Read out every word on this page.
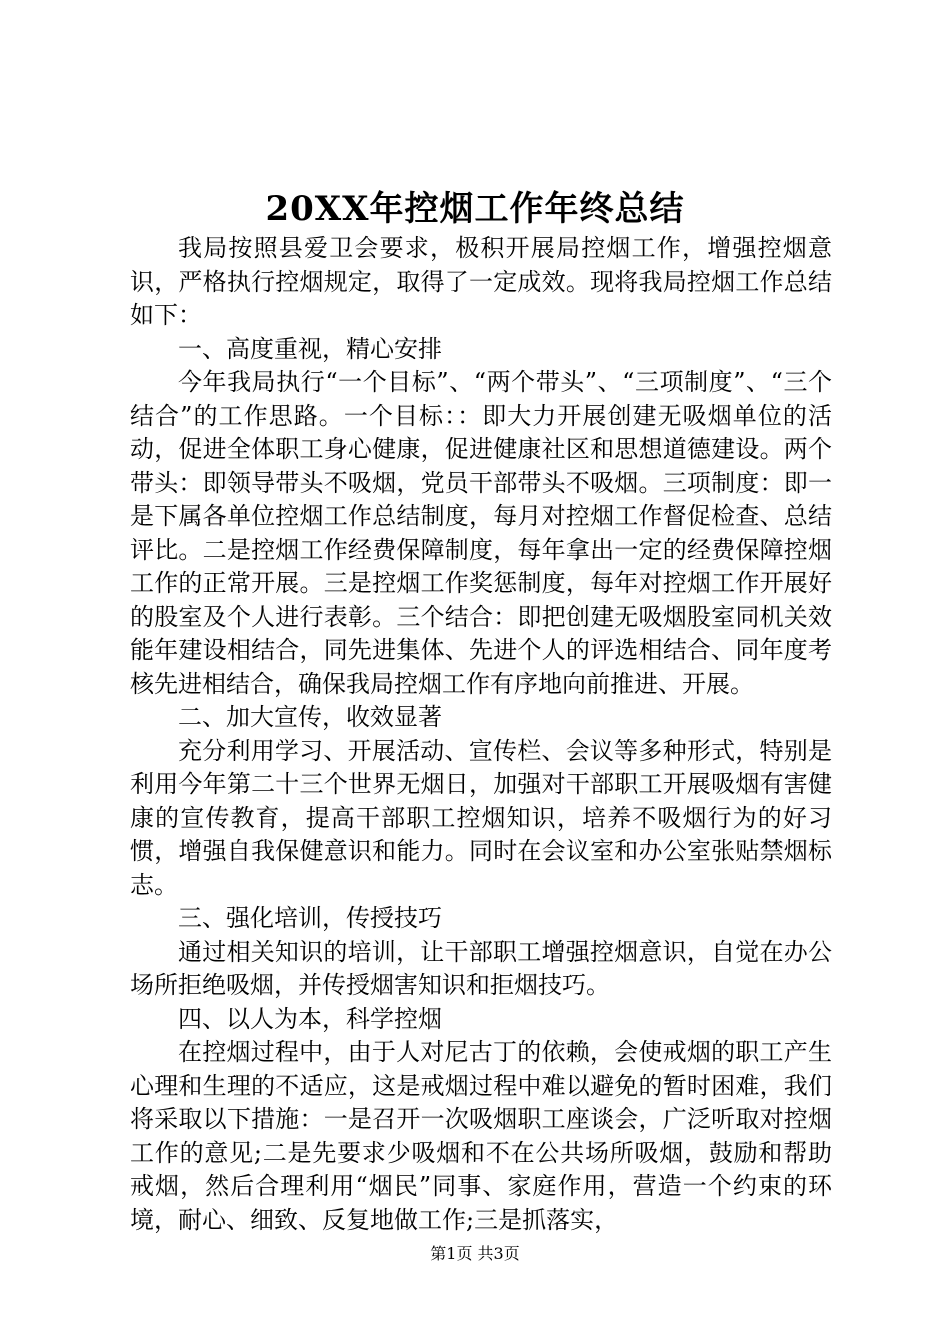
20XX年控烟工作年终总结

我局按照县爱卫会要求，极积开展局控烟工作，增强控烟意识，严格执行控烟规定，取得了一定成效。现将我局控烟工作总结如下：

一、高度重视，精心安排

今年我局执行“一个目标”、“两个带头”、“三项制度”、“三个结合”的工作思路。一个目标：：即大力开展创建无吸烟单位的活动，促进全体职工身心健康，促进健康社区和思想道德建设。两个带头：即领导带头不吸烟，党员干部带头不吸烟。三项制度：即一是下属各单位控烟工作总结制度，每月对控烟工作督促检查、总结评比。二是控烟工作经费保障制度，每年拿出一定的经费保障控烟工作的正常开展。三是控烟工作奖惩制度，每年对控烟工作开展好的股室及个人进行表彰。三个结合：即把创建无吸烟股室同机关效能年建设相结合，同先进集体、先进个人的评选相结合、同年度考核先进相结合，确保我局控烟工作有序地向前推进、开展。

二、加大宣传，收效显著

充分利用学习、开展活动、宣传栏、会议等多种形式，特别是利用今年第二十三个世界无烟日，加强对干部职工开展吸烟有害健康的宣传教育，提高干部职工控烟知识，培养不吸烟行为的好习惯，增强自我保健意识和能力。同时在会议室和办公室张贴禁烟标志。

三、强化培训，传授技巧

通过相关知识的培训，让干部职工增强控烟意识，自觉在办公场所拒绝吸烟，并传授烟害知识和拒烟技巧。

四、以人为本，科学控烟

在控烟过程中，由于人对尼古丁的依赖，会使戒烟的职工产生心理和生理的不适应，这是戒烟过程中难以避免的暂时困难，我们将采取以下措施：一是召开一次吸烟职工座谈会，广泛听取对控烟工作的意见;二是先要求少吸烟和不在公共场所吸烟，鼓励和帮助戒烟，然后合理利用“烟民”同事、家庭作用，营造一个约束的环境，耐心、细致、反复地做工作;三是抓落实，

第1页 共3页
